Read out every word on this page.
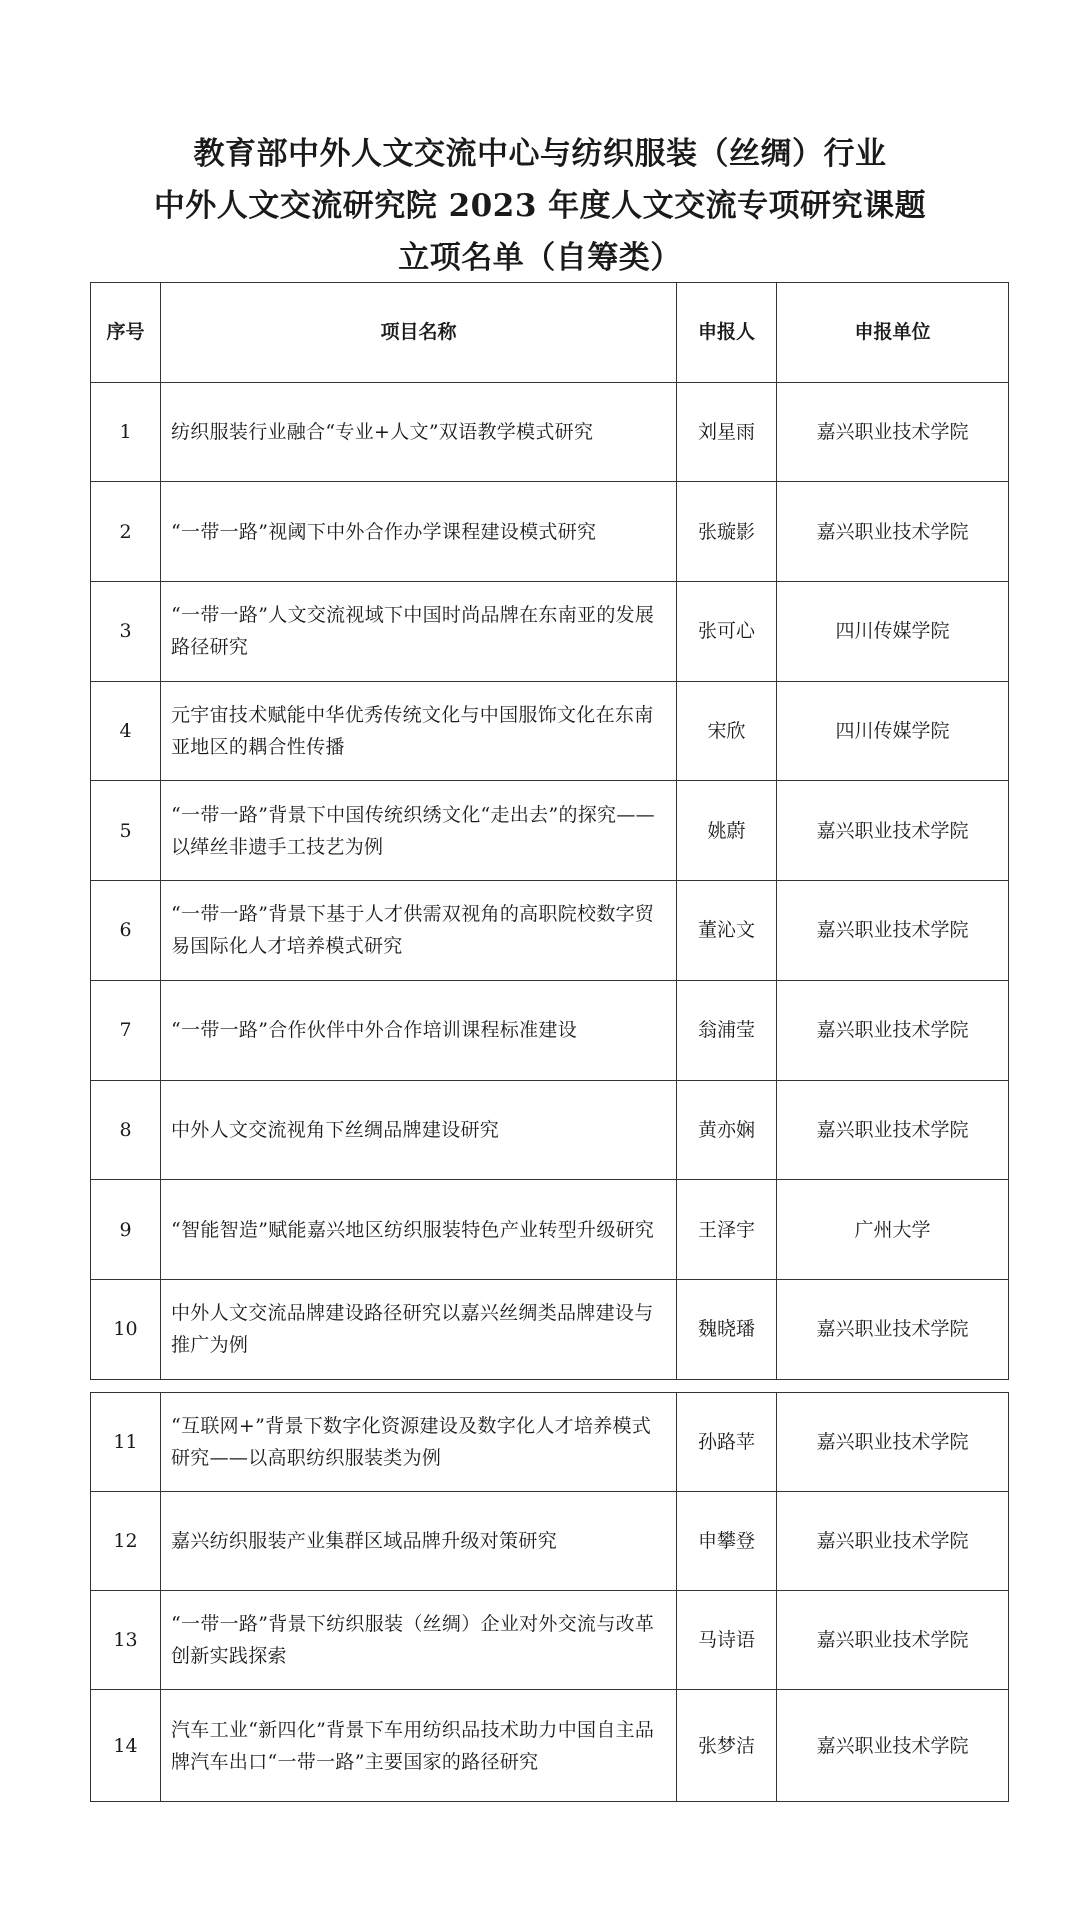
教育部中外人文交流中心与纺织服装（丝绸）行业
中外人文交流研究院 2023 年度人文交流专项研究课题
立项名单（自筹类）
序号	项目名称	申报人	申报单位
1	纺织服装行业融合“专业+人文”双语教学模式研究	刘星雨	嘉兴职业技术学院
2	“一带一路”视阈下中外合作办学课程建设模式研究	张璇影	嘉兴职业技术学院
3	“一带一路”人文交流视域下中国时尚品牌在东南亚的发展路径研究	张可心	四川传媒学院
4	元宇宙技术赋能中华优秀传统文化与中国服饰文化在东南亚地区的耦合性传播	宋欣	四川传媒学院
5	“一带一路”背景下中国传统织绣文化“走出去”的探究——以缂丝非遗手工技艺为例	姚蔚	嘉兴职业技术学院
6	“一带一路”背景下基于人才供需双视角的高职院校数字贸易国际化人才培养模式研究	董沁文	嘉兴职业技术学院
7	“一带一路”合作伙伴中外合作培训课程标准建设	翁浦莹	嘉兴职业技术学院
8	中外人文交流视角下丝绸品牌建设研究	黄亦娴	嘉兴职业技术学院
9	“智能智造”赋能嘉兴地区纺织服装特色产业转型升级研究	王泽宇	广州大学
10	中外人文交流品牌建设路径研究以嘉兴丝绸类品牌建设与推广为例	魏晓璠	嘉兴职业技术学院
11	“互联网+”背景下数字化资源建设及数字化人才培养模式研究——以高职纺织服装类为例	孙路苹	嘉兴职业技术学院
12	嘉兴纺织服装产业集群区域品牌升级对策研究	申攀登	嘉兴职业技术学院
13	“一带一路”背景下纺织服装（丝绸）企业对外交流与改革创新实践探索	马诗语	嘉兴职业技术学院
14	汽车工业“新四化”背景下车用纺织品技术助力中国自主品牌汽车出口“一带一路”主要国家的路径研究	张梦洁	嘉兴职业技术学院
